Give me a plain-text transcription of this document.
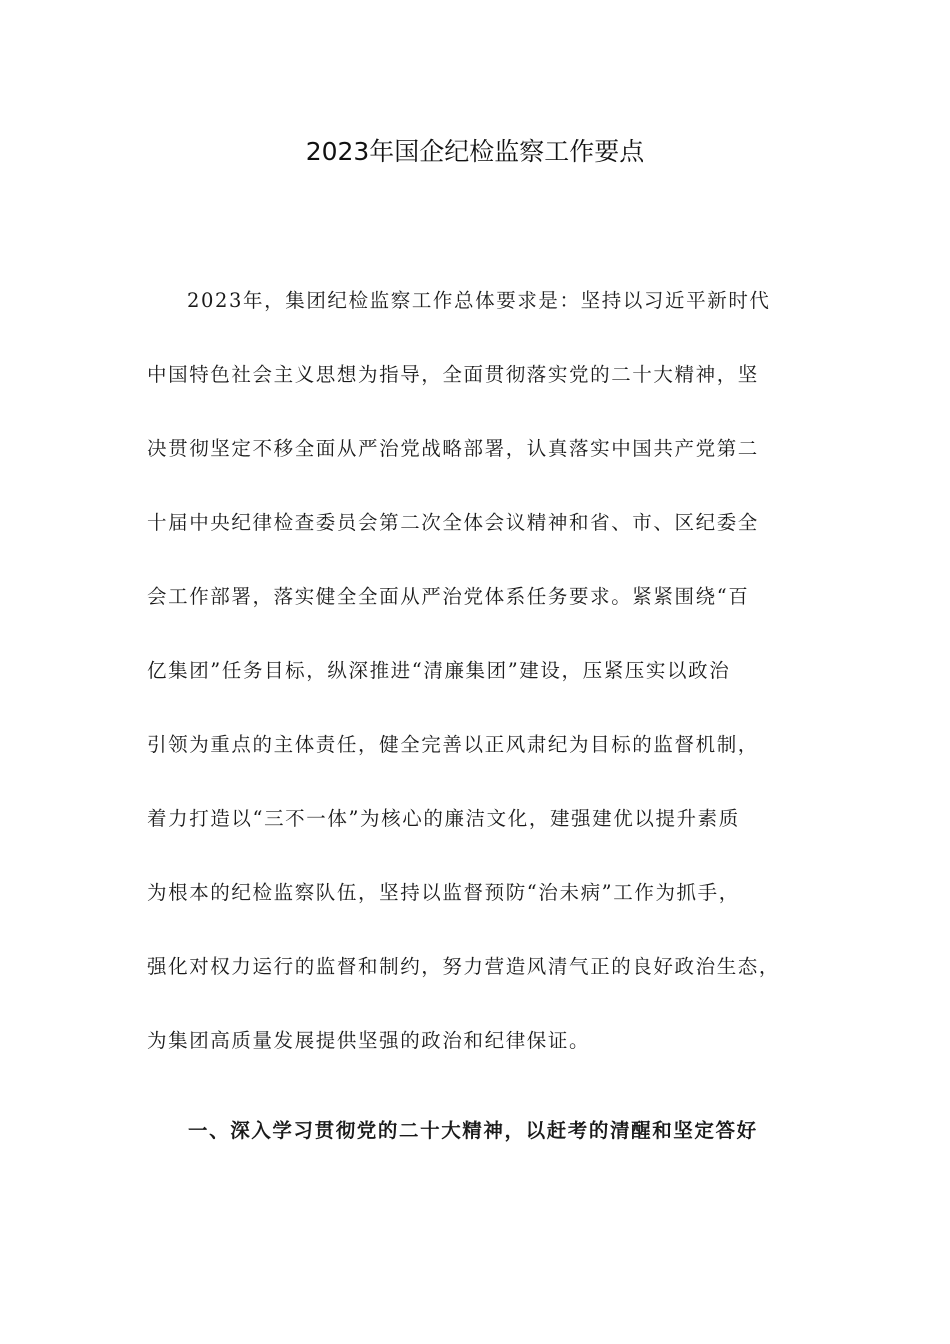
2023年国企纪检监察工作要点
2023年，集团纪检监察工作总体要求是：坚持以习近平新时代
中国特色社会主义思想为指导，全面贯彻落实党的二十大精神，坚
决贯彻坚定不移全面从严治党战略部署，认真落实中国共产党第二
十届中央纪律检查委员会第二次全体会议精神和省、市、区纪委全
会工作部署，落实健全全面从严治党体系任务要求。紧紧围绕“百
亿集团”任务目标，纵深推进“清廉集团”建设，压紧压实以政治
引领为重点的主体责任，健全完善以正风肃纪为目标的监督机制，
着力打造以“三不一体”为核心的廉洁文化，建强建优以提升素质
为根本的纪检监察队伍，坚持以监督预防“治未病”工作为抓手，
强化对权力运行的监督和制约，努力营造风清气正的良好政治生态，
为集团高质量发展提供坚强的政治和纪律保证。
一、深入学习贯彻党的二十大精神，以赶考的清醒和坚定答好
